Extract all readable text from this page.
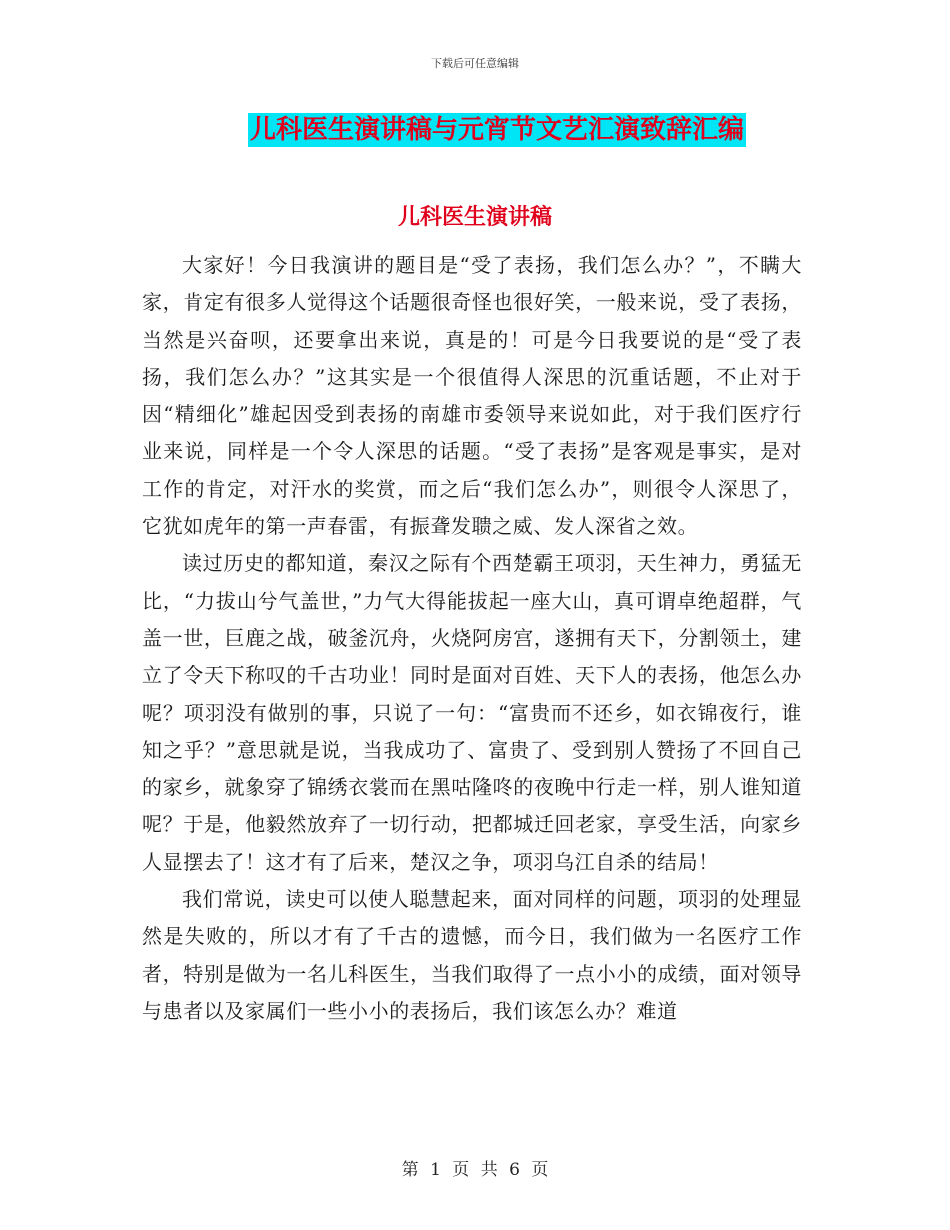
下载后可任意编辑
儿科医生演讲稿与元宵节文艺汇演致辞汇编
儿科医生演讲稿

大家好！今日我演讲的题目是“受了表扬，我们怎么办？”，不瞒大家，肯定有很多人觉得这个话题很奇怪也很好笑，一般来说，受了表扬，当然是兴奋呗，还要拿出来说，真是的！可是今日我要说的是“受了表扬，我们怎么办？”这其实是一个很值得人深思的沉重话题，不止对于因“精细化”雄起因受到表扬的南雄市委领导来说如此，对于我们医疗行业来说，同样是一个令人深思的话题。“受了表扬”是客观是事实，是对工作的肯定，对汗水的奖赏，而之后“我们怎么办”，则很令人深思了，它犹如虎年的第一声春雷，有振聋发聩之威、发人深省之效。

读过历史的都知道，秦汉之际有个西楚霸王项羽，天生神力，勇猛无比，“力拔山兮气盖世，”力气大得能拔起一座大山，真可谓卓绝超群，气盖一世，巨鹿之战，破釜沉舟，火烧阿房宫，遂拥有天下，分割领土，建立了令天下称叹的千古功业！同时是面对百姓、天下人的表扬，他怎么办呢？项羽没有做别的事，只说了一句：“富贵而不还乡，如衣锦夜行，谁知之乎？”意思就是说，当我成功了、富贵了、受到别人赞扬了不回自己的家乡，就象穿了锦绣衣裳而在黑咕隆咚的夜晚中行走一样，别人谁知道呢？于是，他毅然放弃了一切行动，把都城迁回老家，享受生活，向家乡人显摆去了！这才有了后来，楚汉之争，项羽乌江自杀的结局！

我们常说，读史可以使人聪慧起来，面对同样的问题，项羽的处理显然是失败的，所以才有了千古的遗憾，而今日，我们做为一名医疗工作者，特别是做为一名儿科医生，当我们取得了一点小小的成绩，面对领导与患者以及家属们一些小小的表扬后，我们该怎么办？难道

第 1 页 共 6 页
